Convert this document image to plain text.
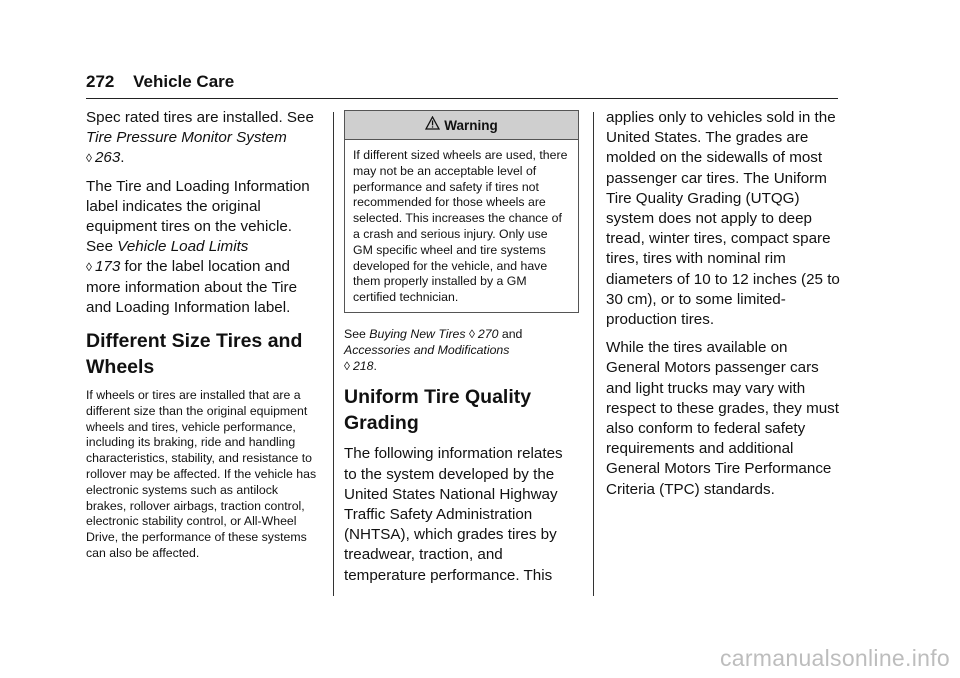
272 Vehicle Care

Spec rated tires are installed. See Tire Pressure Monitor System
◊ 263.

The Tire and Loading Information label indicates the original equipment tires on the vehicle. See Vehicle Load Limits
◊ 173 for the label location and more information about the Tire and Loading Information label.

Different Size Tires and Wheels

If wheels or tires are installed that are a different size than the original equipment wheels and tires, vehicle performance, including its braking, ride and handling characteristics, stability, and resistance to rollover may be affected. If the vehicle has electronic systems such as antilock brakes, rollover airbags, traction control, electronic stability control, or All-Wheel Drive, the performance of these systems can also be affected.

Warning
If different sized wheels are used, there may not be an acceptable level of performance and safety if tires not recommended for those wheels are selected. This increases the chance of a crash and serious injury. Only use GM specific wheel and tire systems developed for the vehicle, and have them properly installed by a GM certified technician.

See Buying New Tires ◊ 270 and
Accessories and Modifications
◊ 218.

Uniform Tire Quality Grading

The following information relates to the system developed by the United States National Highway Traffic Safety Administration (NHTSA), which grades tires by treadwear, traction, and temperature performance. This

applies only to vehicles sold in the United States. The grades are molded on the sidewalls of most passenger car tires. The Uniform Tire Quality Grading (UTQG) system does not apply to deep tread, winter tires, compact spare tires, tires with nominal rim diameters of 10 to 12 inches (25 to 30 cm), or to some limited-production tires.

While the tires available on General Motors passenger cars and light trucks may vary with respect to these grades, they must also conform to federal safety requirements and additional General Motors Tire Performance Criteria (TPC) standards.

carmanualsonline.info
